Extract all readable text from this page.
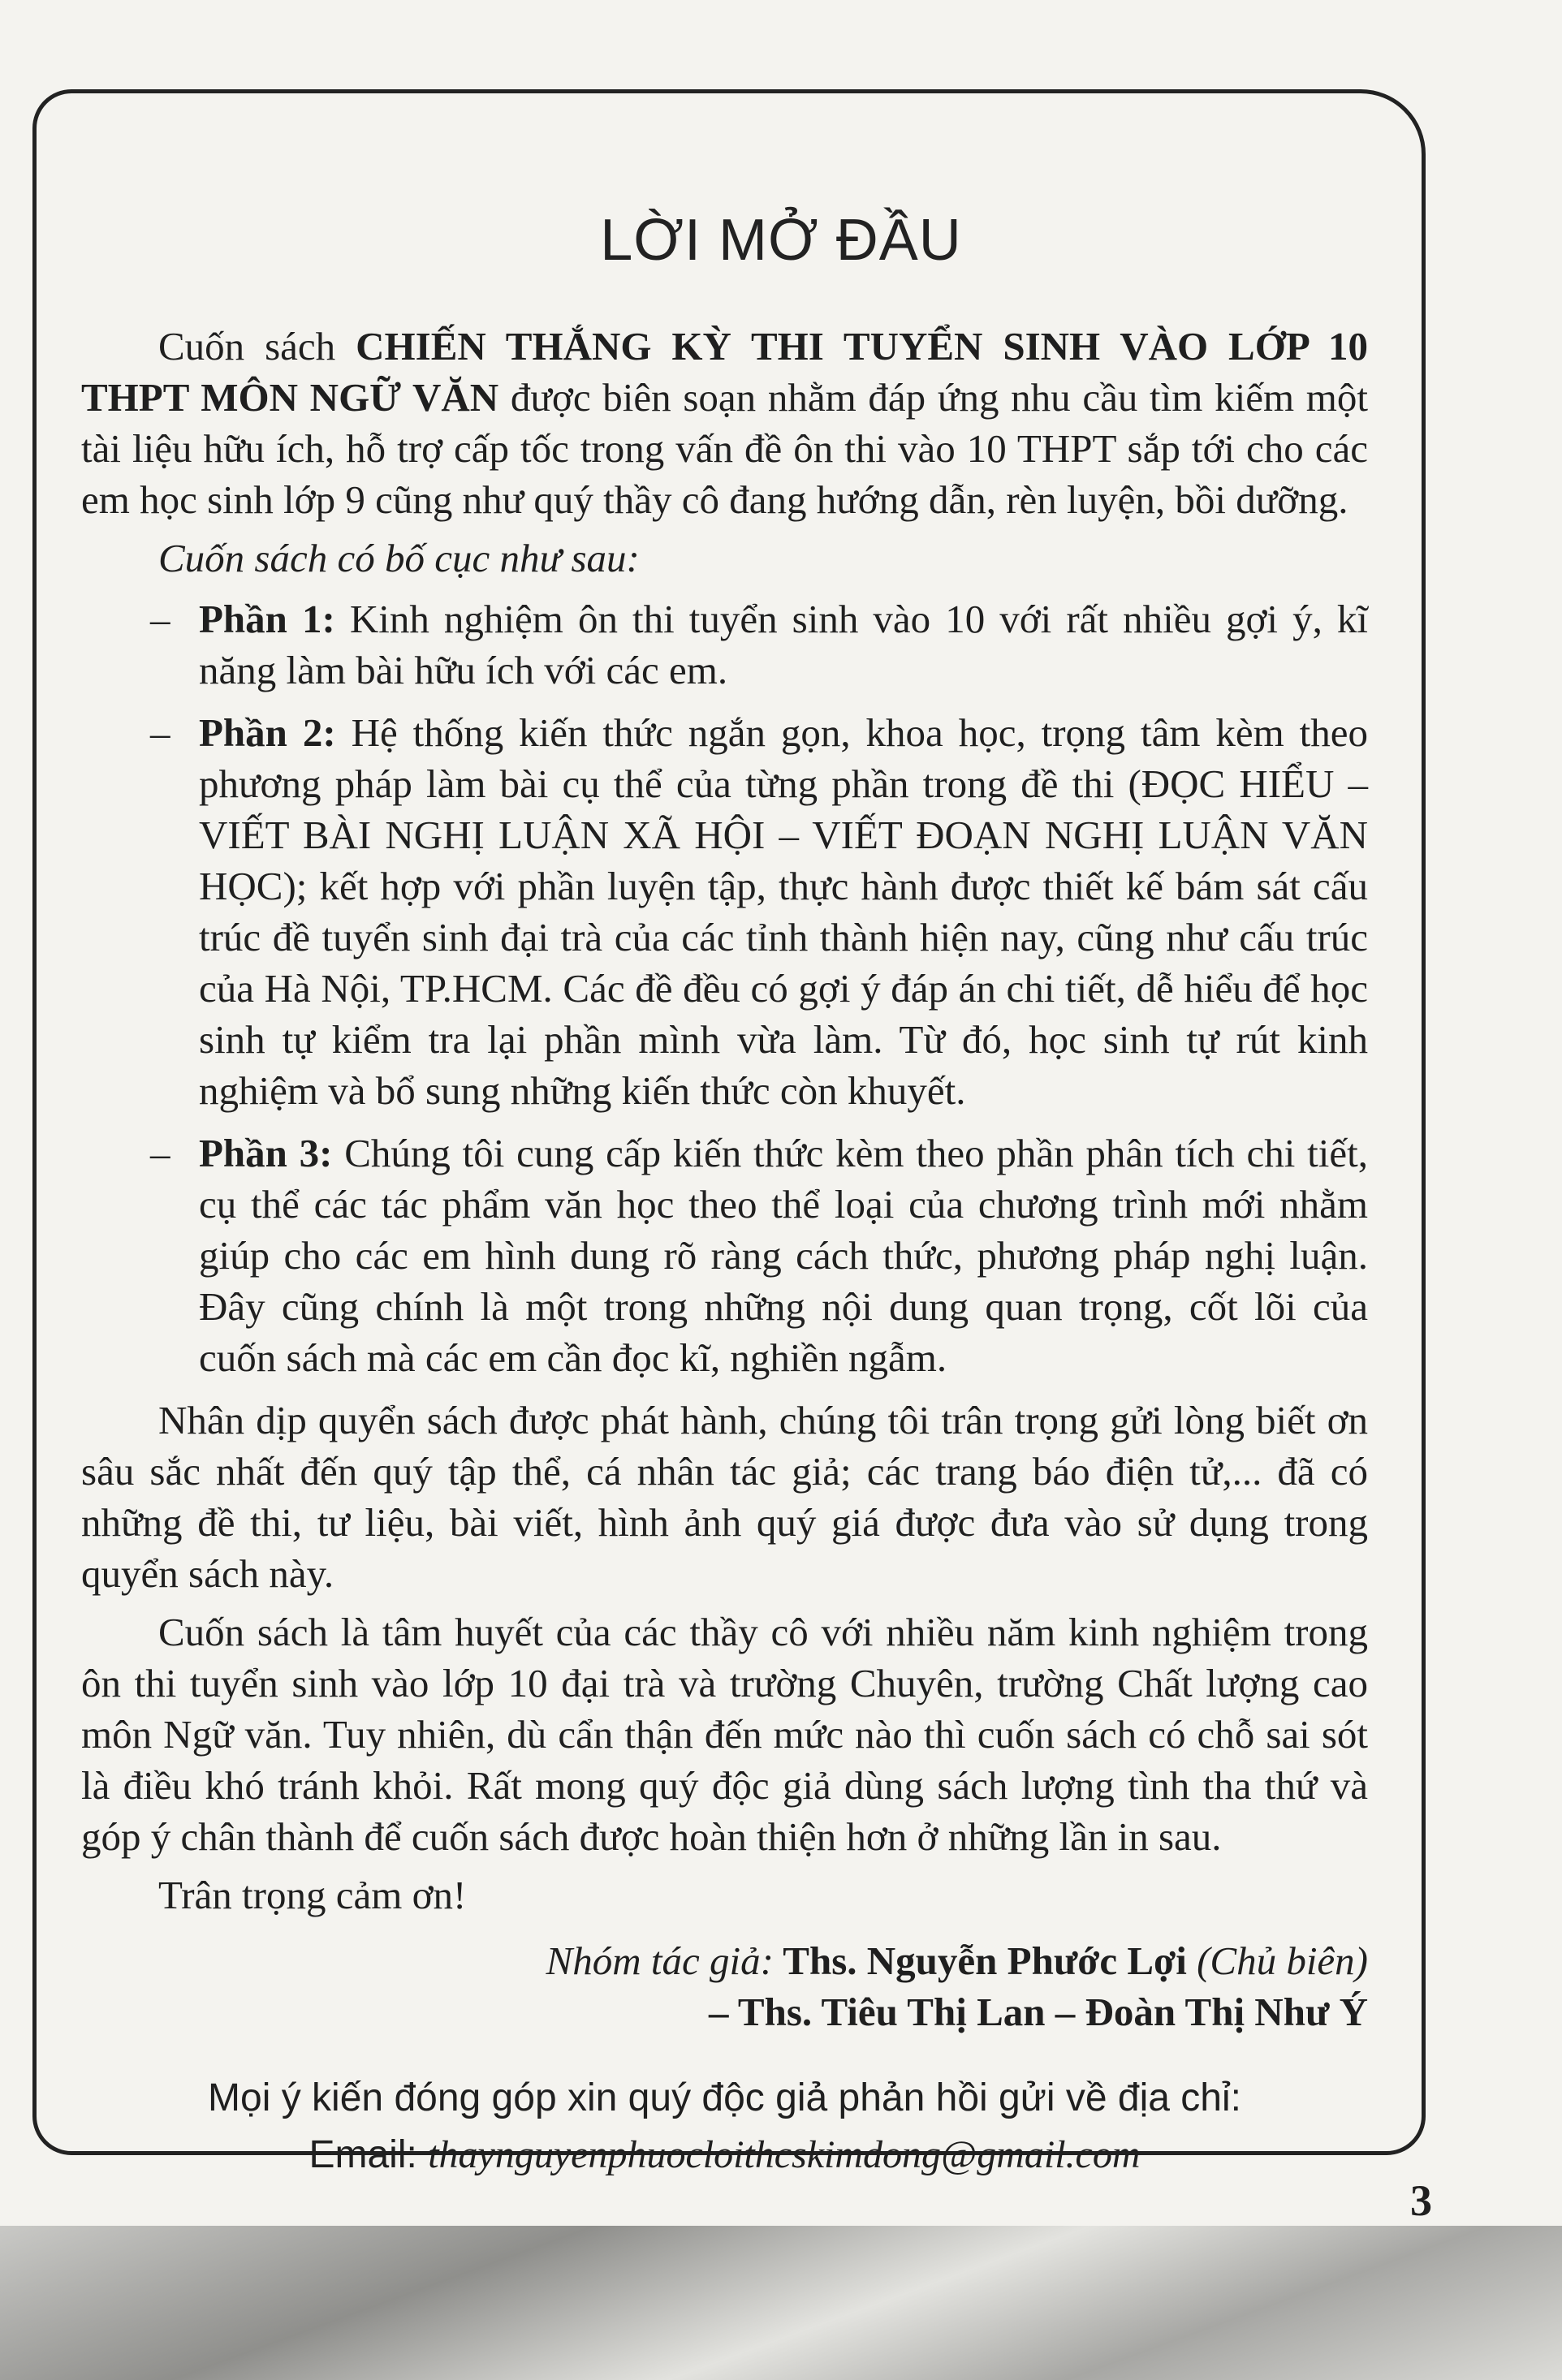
LỜI MỞ ĐẦU

Cuốn sách CHIẾN THẮNG KỲ THI TUYỂN SINH VÀO LỚP 10 THPT MÔN NGỮ VĂN được biên soạn nhằm đáp ứng nhu cầu tìm kiếm một tài liệu hữu ích, hỗ trợ cấp tốc trong vấn đề ôn thi vào 10 THPT sắp tới cho các em học sinh lớp 9 cũng như quý thầy cô đang hướng dẫn, rèn luyện, bồi dưỡng.

Cuốn sách có bố cục như sau:

– Phần 1: Kinh nghiệm ôn thi tuyển sinh vào 10 với rất nhiều gợi ý, kĩ năng làm bài hữu ích với các em.
– Phần 2: Hệ thống kiến thức ngắn gọn, khoa học, trọng tâm kèm theo phương pháp làm bài cụ thể của từng phần trong đề thi (ĐỌC HIỂU – VIẾT BÀI NGHỊ LUẬN XÃ HỘI – VIẾT ĐOẠN NGHỊ LUẬN VĂN HỌC); kết hợp với phần luyện tập, thực hành được thiết kế bám sát cấu trúc đề tuyển sinh đại trà của các tỉnh thành hiện nay, cũng như cấu trúc của Hà Nội, TP.HCM. Các đề đều có gợi ý đáp án chi tiết, dễ hiểu để học sinh tự kiểm tra lại phần mình vừa làm. Từ đó, học sinh tự rút kinh nghiệm và bổ sung những kiến thức còn khuyết.
– Phần 3: Chúng tôi cung cấp kiến thức kèm theo phần phân tích chi tiết, cụ thể các tác phẩm văn học theo thể loại của chương trình mới nhằm giúp cho các em hình dung rõ ràng cách thức, phương pháp nghị luận. Đây cũng chính là một trong những nội dung quan trọng, cốt lõi của cuốn sách mà các em cần đọc kĩ, nghiền ngẫm.

Nhân dịp quyển sách được phát hành, chúng tôi trân trọng gửi lòng biết ơn sâu sắc nhất đến quý tập thể, cá nhân tác giả; các trang báo điện tử,... đã có những đề thi, tư liệu, bài viết, hình ảnh quý giá được đưa vào sử dụng trong quyển sách này.

Cuốn sách là tâm huyết của các thầy cô với nhiều năm kinh nghiệm trong ôn thi tuyển sinh vào lớp 10 đại trà và trường Chuyên, trường Chất lượng cao môn Ngữ văn. Tuy nhiên, dù cẩn thận đến mức nào thì cuốn sách có chỗ sai sót là điều khó tránh khỏi. Rất mong quý độc giả dùng sách lượng tình tha thứ và góp ý chân thành để cuốn sách được hoàn thiện hơn ở những lần in sau.

Trân trọng cảm ơn!

Nhóm tác giả: Ths. Nguyễn Phước Lợi (Chủ biên)
– Ths. Tiêu Thị Lan – Đoàn Thị Như Ý
Mọi ý kiến đóng góp xin quý độc giả phản hồi gửi về địa chỉ:
Email: thaynguyenphuocloithcskimdong@gmail.com
3
